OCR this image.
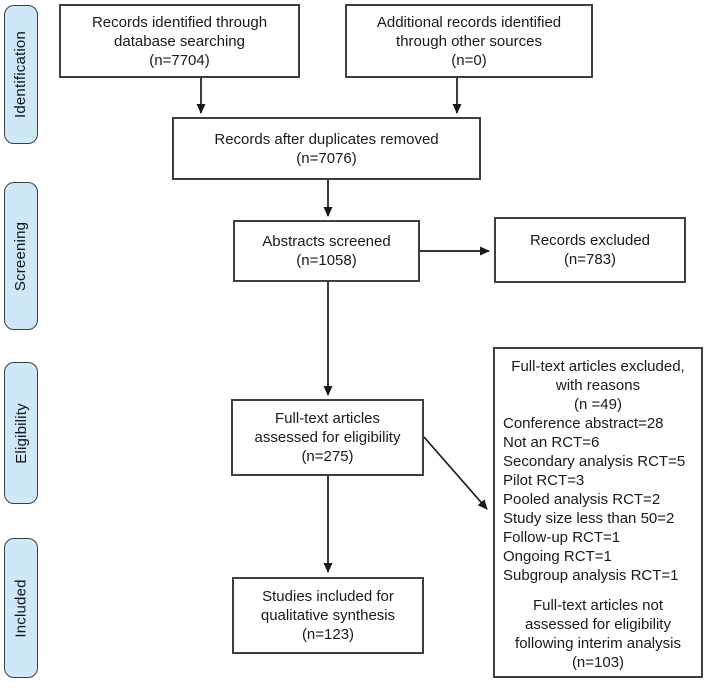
Identification
Screening
Eligibility
Included
Records identified through
database searching
(n=7704)
Additional records identified
through other sources
(n=0)
Records after duplicates removed
(n=7076)
Abstracts screened
(n=1058)
Records excluded
(n=783)
Full-text articles
assessed for eligibility
(n=275)
Full-text articles excluded,
with reasons
(n =49)
Conference abstract=28
Not an RCT=6
Secondary analysis RCT=5
Pilot RCT=3
Pooled analysis RCT=2
Study size less than 50=2
Follow-up RCT=1
Ongoing RCT=1
Subgroup analysis RCT=1
Full-text articles not
assessed for eligibility
following interim analysis
(n=103)
Studies included for
qualitative synthesis
(n=123)
